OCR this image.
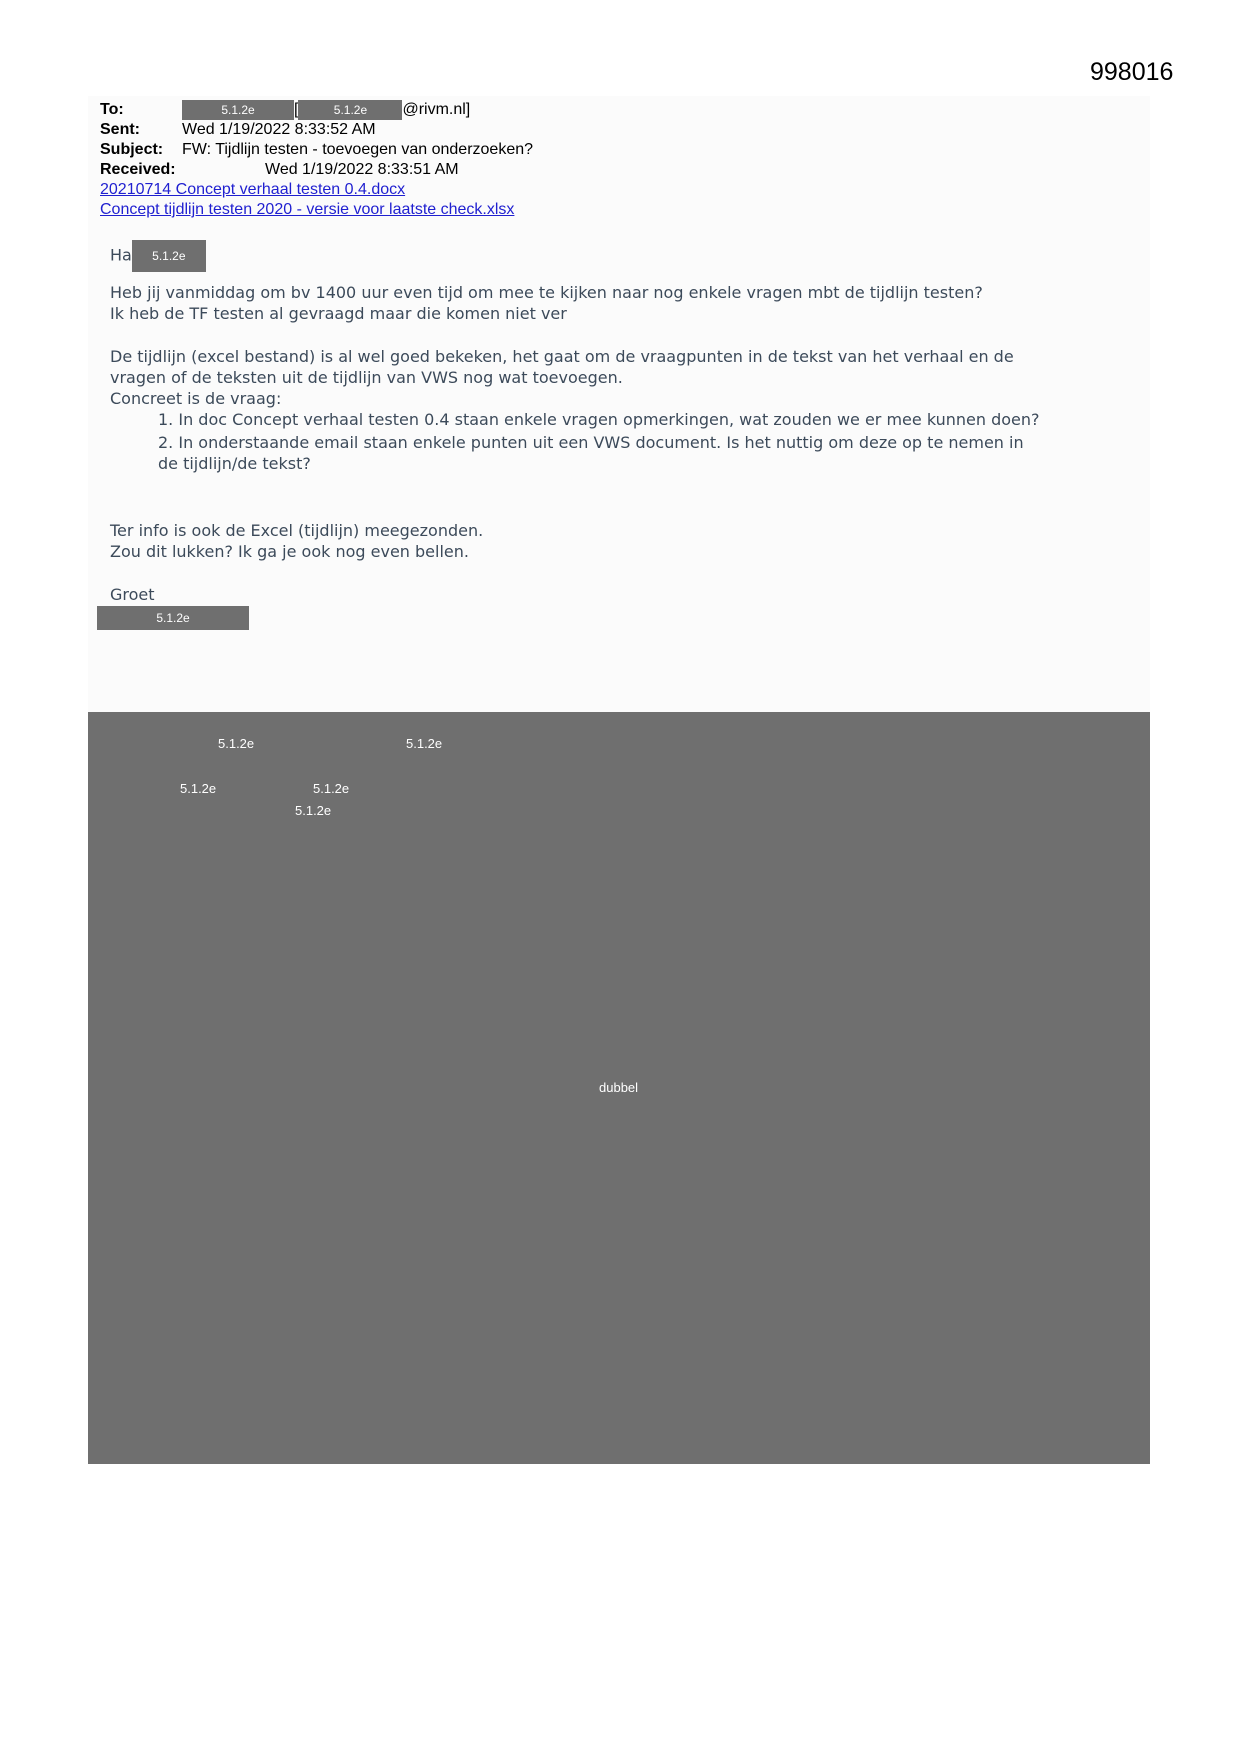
998016
To:	5.1.2e [	5.1.2e @rivm.nl]
Sent:	Wed 1/19/2022 8:33:52 AM
Subject: FW: Tijdlijn testen - toevoegen van onderzoeken?
Received:	Wed 1/19/2022 8:33:51 AM
20210714 Concept verhaal testen 0.4.docx
Concept tijdlijn testen 2020 - versie voor laatste check.xlsx
Ha 5.1.2e
Heb jij vanmiddag om bv 1400 uur even tijd om mee te kijken naar nog enkele vragen mbt de tijdlijn testen?
Ik heb de TF testen al gevraagd maar die komen niet ver
De tijdlijn (excel bestand) is al wel goed bekeken, het gaat om de vraagpunten in de tekst van het verhaal en de
vragen of de teksten uit de tijdlijn van VWS nog wat toevoegen.
Concreet is de vraag:
1. In doc Concept verhaal testen 0.4 staan enkele vragen opmerkingen, wat zouden we er mee kunnen doen?
2. In onderstaande email staan enkele punten uit een VWS document. Is het nuttig om deze op te nemen in
de tijdlijn/de tekst?
Ter info is ook de Excel (tijdlijn) meegezonden.
Zou dit lukken? Ik ga je ook nog even bellen.
Groet
5.1.2e
5.1.2e	5.1.2e
5.1.2e	5.1.2e
5.1.2e
dubbel
